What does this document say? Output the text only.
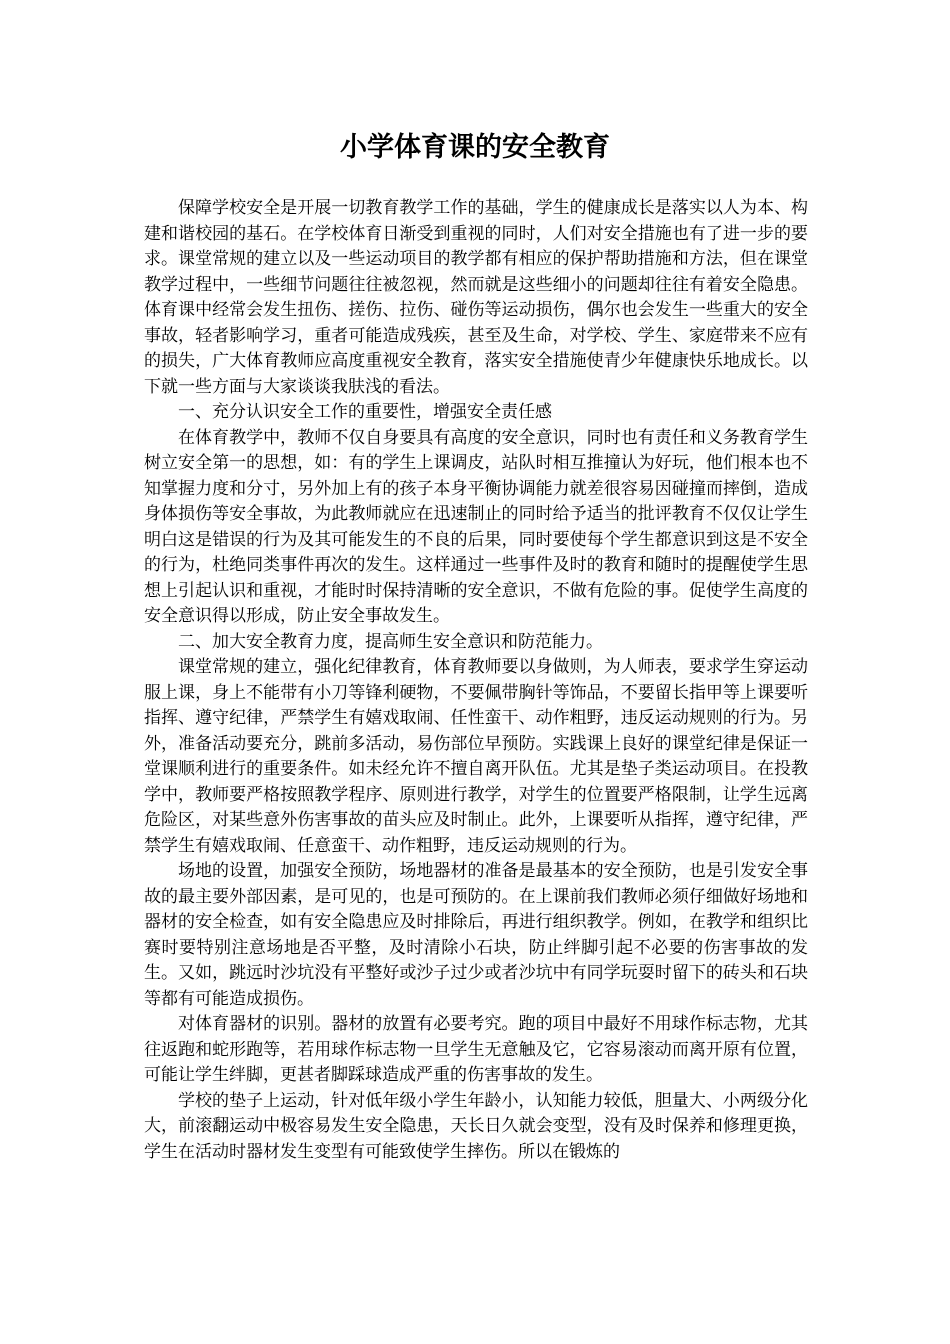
小学体育课的安全教育

保障学校安全是开展一切教育教学工作的基础，学生的健康成长是落实以人为本、构建和谐校园的基石。在学校体育日渐受到重视的同时，人们对安全措施也有了进一步的要求。课堂常规的建立以及一些运动项目的教学都有相应的保护帮助措施和方法，但在课堂教学过程中，一些细节问题往往被忽视，然而就是这些细小的问题却往往有着安全隐患。体育课中经常会发生扭伤、搓伤、拉伤、碰伤等运动损伤，偶尔也会发生一些重大的安全事故，轻者影响学习，重者可能造成残疾，甚至及生命，对学校、学生、家庭带来不应有的损失，广大体育教师应高度重视安全教育，落实安全措施使青少年健康快乐地成长。以下就一些方面与大家谈谈我肤浅的看法。

一、充分认识安全工作的重要性，增强安全责任感

在体育教学中，教师不仅自身要具有高度的安全意识，同时也有责任和义务教育学生树立安全第一的思想，如：有的学生上课调皮，站队时相互推撞认为好玩，他们根本也不知掌握力度和分寸，另外加上有的孩子本身平衡协调能力就差很容易因碰撞而摔倒，造成身体损伤等安全事故，为此教师就应在迅速制止的同时给予适当的批评教育不仅仅让学生明白这是错误的行为及其可能发生的不良的后果，同时要使每个学生都意识到这是不安全的行为，杜绝同类事件再次的发生。这样通过一些事件及时的教育和随时的提醒使学生思想上引起认识和重视，才能时时保持清晰的安全意识，不做有危险的事。促使学生高度的安全意识得以形成，防止安全事故发生。

二、加大安全教育力度，提高师生安全意识和防范能力。

课堂常规的建立，强化纪律教育，体育教师要以身做则，为人师表，要求学生穿运动服上课，身上不能带有小刀等锋利硬物，不要佩带胸针等饰品，不要留长指甲等上课要听指挥、遵守纪律，严禁学生有嬉戏取闹、任性蛮干、动作粗野，违反运动规则的行为。另外，准备活动要充分，跳前多活动，易伤部位早预防。实践课上良好的课堂纪律是保证一堂课顺利进行的重要条件。如未经允许不擅自离开队伍。尤其是垫子类运动项目。在投教学中，教师要严格按照教学程序、原则进行教学，对学生的位置要严格限制，让学生远离危险区，对某些意外伤害事故的苗头应及时制止。此外，上课要听从指挥，遵守纪律，严禁学生有嬉戏取闹、任意蛮干、动作粗野，违反运动规则的行为。

场地的设置，加强安全预防，场地器材的准备是最基本的安全预防，也是引发安全事故的最主要外部因素，是可见的，也是可预防的。在上课前我们教师必须仔细做好场地和器材的安全检查，如有安全隐患应及时排除后，再进行组织教学。例如，在教学和组织比赛时要特别注意场地是否平整，及时清除小石块，防止绊脚引起不必要的伤害事故的发生。又如，跳远时沙坑没有平整好或沙子过少或者沙坑中有同学玩耍时留下的砖头和石块等都有可能造成损伤。

对体育器材的识别。器材的放置有必要考究。跑的项目中最好不用球作标志物，尤其往返跑和蛇形跑等，若用球作标志物一旦学生无意触及它，它容易滚动而离开原有位置，可能让学生绊脚，更甚者脚踩球造成严重的伤害事故的发生。

学校的垫子上运动，针对低年级小学生年龄小，认知能力较低，胆量大、小两级分化大，前滚翻运动中极容易发生安全隐患，天长日久就会变型，没有及时保养和修理更换，学生在活动时器材发生变型有可能致使学生摔伤。所以在锻炼的
